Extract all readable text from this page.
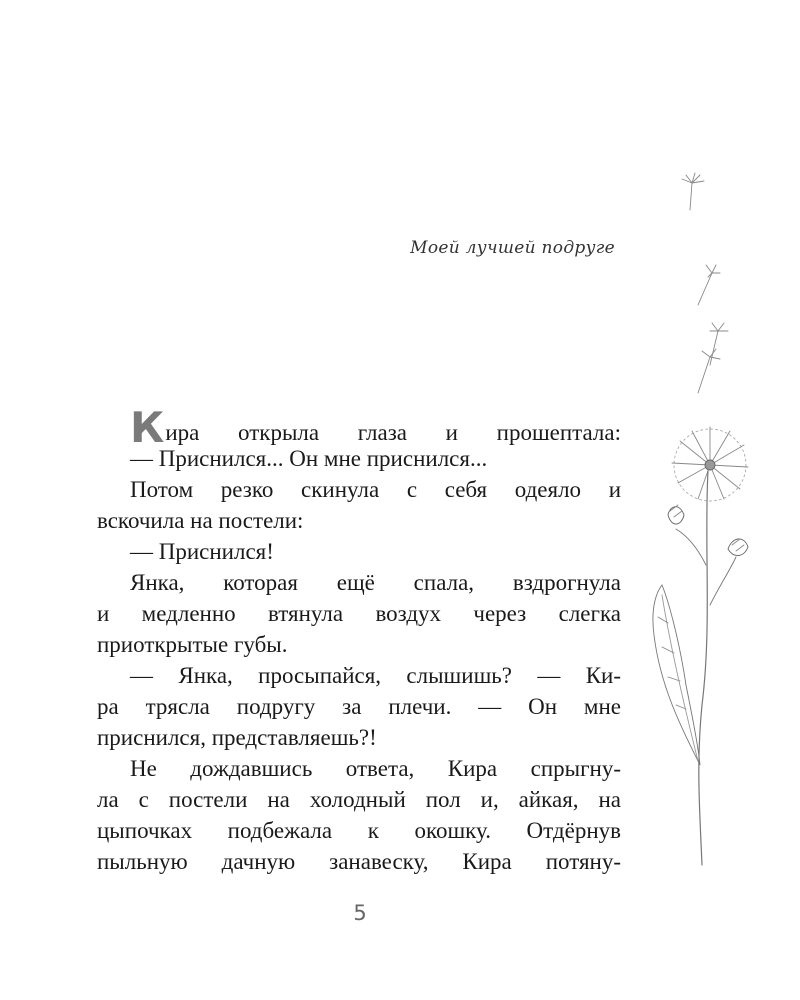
Моей лучшей подруге
Кира открыла глаза и прошептала:
— Приснился... Он мне приснился...
Потом резко скинула с себя одеяло и
вскочила на постели:
— Приснился!
Янка, которая ещё спала, вздрогнула
и медленно втянула воздух через слегка
приоткрытые губы.
— Янка, просыпайся, слышишь? — Ки-
ра трясла подругу за плечи. — Он мне
приснился, представляешь?!
Не дождавшись ответа, Кира спрыгну-
ла с постели на холодный пол и, айкая, на
цыпочках подбежала к окошку. Отдёрнув
пыльную дачную занавеску, Кира потяну-
5
